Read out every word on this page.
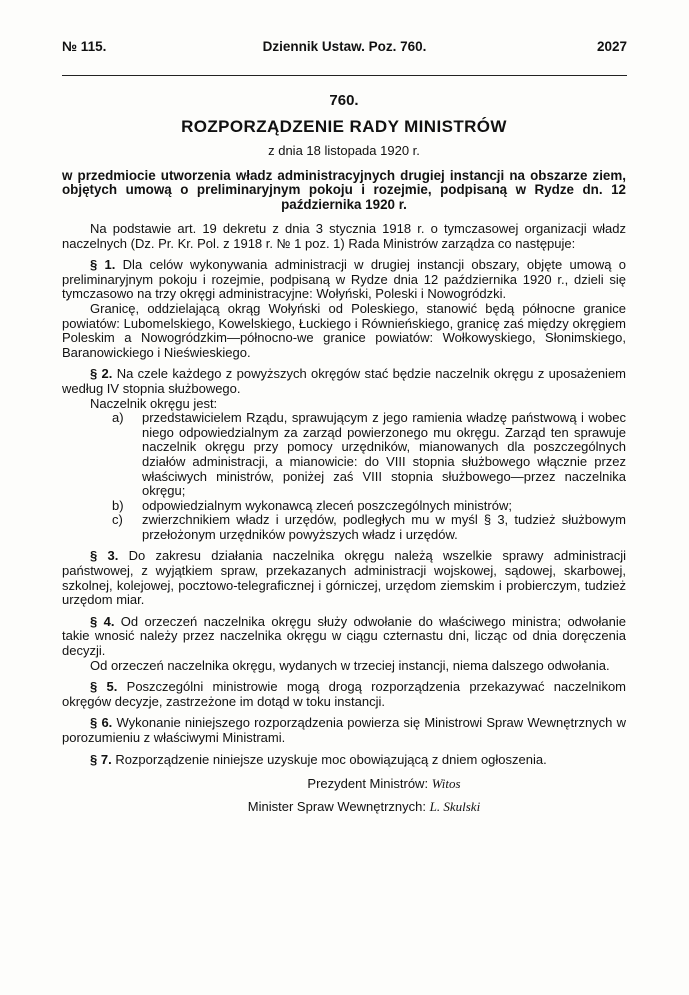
№ 115.	Dziennik Ustaw. Poz. 760.	2027
760.
ROZPORZĄDZENIE RADY MINISTRÓW
z dnia 18 listopada 1920 r.
w przedmiocie utworzenia władz administracyjnych drugiej instancji na obszarze ziem, objętych umową o preliminaryjnym pokoju i rozejmie, podpisaną w Rydze dn. 12 października 1920 r.

Na podstawie art. 19 dekretu z dnia 3 stycznia 1918 r. o tymczasowej organizacji władz naczelnych (Dz. Pr. Kr. Pol. z 1918 r. № 1 poz. 1) Rada Ministrów zarządza co następuje:

§ 1. Dla celów wykonywania administracji w drugiej instancji obszary, objęte umową o preliminaryjnym pokoju i rozejmie, podpisaną w Rydze dnia 12 października 1920 r., dzieli się tymczasowo na trzy okręgi administracyjne: Wołyński, Poleski i Nowogródzki.

Granicę, oddzielającą okrąg Wołyński od Poleskiego, stanowić będą północne granice powiatów: Lubomelskiego, Kowelskiego, Łuckiego i Równieńskiego, granicę zaś między okręgiem Poleskim a Nowogródzkim—północno-we granice powiatów: Wołkowyskiego, Słonimskiego, Baranowickiego i Nieświeskiego.

§ 2. Na czele każdego z powyższych okręgów stać będzie naczelnik okręgu z uposażeniem według IV stopnia służbowego.

Naczelnik okręgu jest:

a) przedstawicielem Rządu, sprawującym z jego ramienia władzę państwową i wobec niego odpowiedzialnym za zarząd powierzonego mu okręgu. Zarząd ten sprawuje naczelnik okręgu przy pomocy urzędników, mianowanych dla poszczególnych działów administracji, a mianowicie: do VIII stopnia służbowego włącznie przez właściwych ministrów, poniżej zaś VIII stopnia służbowego—przez naczelnika okręgu;
b) odpowiedzialnym wykonawcą zleceń poszczególnych ministrów;
c) zwierzchnikiem władz i urzędów, podległych mu w myśl § 3, tudzież służbowym przełożonym urzędników powyższych władz i urzędów.

§ 3. Do zakresu działania naczelnika okręgu należą wszelkie sprawy administracji państwowej, z wyjątkiem spraw, przekazanych administracji wojskowej, sądowej, skarbowej, szkolnej, kolejowej, pocztowo-telegraficznej i górniczej, urzędom ziemskim i probierczym, tudzież urzędom miar.

§ 4. Od orzeczeń naczelnika okręgu służy odwołanie do właściwego ministra; odwołanie takie wnosić należy przez naczelnika okręgu w ciągu czternastu dni, licząc od dnia doręczenia decyzji.

Od orzeczeń naczelnika okręgu, wydanych w trzeciej instancji, niema dalszego odwołania.

§ 5. Poszczególni ministrowie mogą drogą rozporządzenia przekazywać naczelnikom okręgów decyzje, zastrzeżone im dotąd w toku instancji.

§ 6. Wykonanie niniejszego rozporządzenia powierza się Ministrowi Spraw Wewnętrznych w porozumieniu z właściwymi Ministrami.

§ 7. Rozporządzenie niniejsze uzyskuje moc obowiązującą z dniem ogłoszenia.

Prezydent Ministrów: Witos
Minister Spraw Wewnętrznych: L. Skulski
